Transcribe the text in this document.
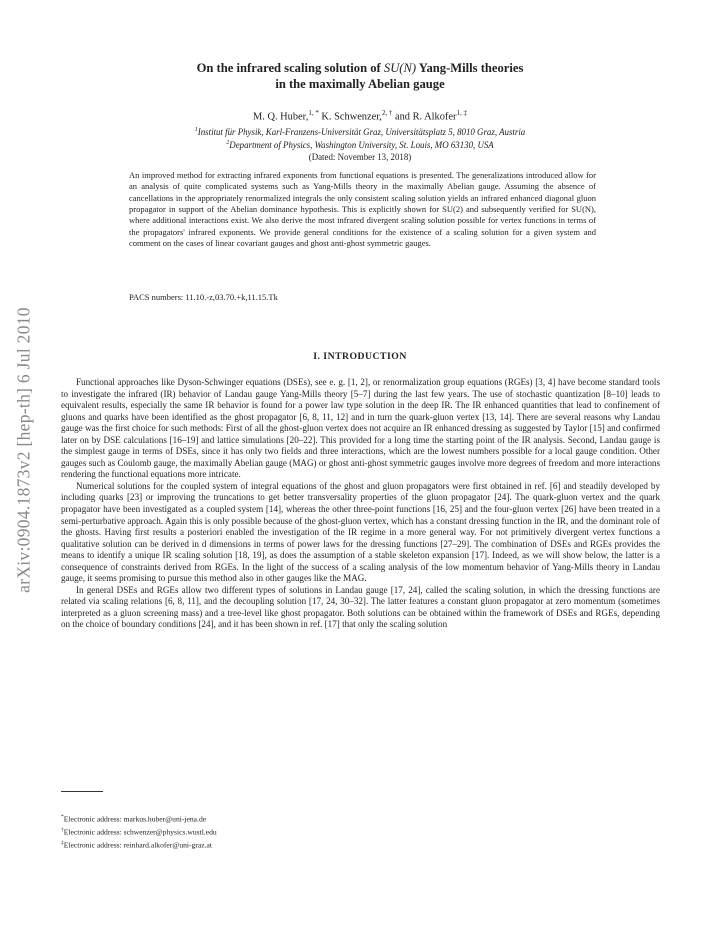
arXiv:0904.1873v2 [hep-th] 6 Jul 2010
On the infrared scaling solution of SU(N) Yang-Mills theories
in the maximally Abelian gauge
M. Q. Huber,$^{1, *}$ K. Schwenzer,$^{2, \dagger}$ and R. Alkofer$^{1, \ddagger}$
$^1$Institut für Physik, Karl-Franzens-Universität Graz, Universitätsplatz 5, 8010 Graz, Austria
$^2$Department of Physics, Washington University, St. Louis, MO 63130, USA
(Dated: November 13, 2018)
An improved method for extracting infrared exponents from functional equations is presented. The generalizations introduced allow for an analysis of quite complicated systems such as Yang-Mills theory in the maximally Abelian gauge. Assuming the absence of cancellations in the appropriately renormalized integrals the only consistent scaling solution yields an infrared enhanced diagonal gluon propagator in support of the Abelian dominance hypothesis. This is explicitly shown for SU(2) and subsequently verified for SU(N), where additional interactions exist. We also derive the most infrared divergent scaling solution possible for vertex functions in terms of the propagators' infrared exponents. We provide general conditions for the existence of a scaling solution for a given system and comment on the cases of linear covariant gauges and ghost anti-ghost symmetric gauges.
PACS numbers: 11.10.-z,03.70.+k,11.15.Tk
I. INTRODUCTION

Functional approaches like Dyson-Schwinger equations (DSEs), see e. g. [1, 2], or renormalization group equations (RGEs) [3, 4] have become standard tools to investigate the infrared (IR) behavior of Landau gauge Yang-Mills theory [5–7] during the last few years. The use of stochastic quantization [8–10] leads to equivalent results, especially the same IR behavior is found for a power law type solution in the deep IR. The IR enhanced quantities that lead to confinement of gluons and quarks have been identified as the ghost propagator [6, 8, 11, 12] and in turn the quark-gluon vertex [13, 14]. There are several reasons why Landau gauge was the first choice for such methods: First of all the ghost-gluon vertex does not acquire an IR enhanced dressing as suggested by Taylor [15] and confirmed later on by DSE calculations [16–19] and lattice simulations [20–22]. This provided for a long time the starting point of the IR analysis. Second, Landau gauge is the simplest gauge in terms of DSEs, since it has only two fields and three interactions, which are the lowest numbers possible for a local gauge condition. Other gauges such as Coulomb gauge, the maximally Abelian gauge (MAG) or ghost anti-ghost symmetric gauges involve more degrees of freedom and more interactions rendering the functional equations more intricate.

Numerical solutions for the coupled system of integral equations of the ghost and gluon propagators were first obtained in ref. [6] and steadily developed by including quarks [23] or improving the truncations to get better transversality properties of the gluon propagator [24]. The quark-gluon vertex and the quark propagator have been investigated as a coupled system [14], whereas the other three-point functions [16, 25] and the four-gluon vertex [26] have been treated in a semi-perturbative approach. Again this is only possible because of the ghost-gluon vertex, which has a constant dressing function in the IR, and the dominant role of the ghosts. Having first results a posteriori enabled the investigation of the IR regime in a more general way. For not primitively divergent vertex functions a qualitative solution can be derived in d dimensions in terms of power laws for the dressing functions [27–29]. The combination of DSEs and RGEs provides the means to identify a unique IR scaling solution [18, 19], as does the assumption of a stable skeleton expansion [17]. Indeed, as we will show below, the latter is a consequence of constraints derived from RGEs. In the light of the success of a scaling analysis of the low momentum behavior of Yang-Mills theory in Landau gauge, it seems promising to pursue this method also in other gauges like the MAG.

In general DSEs and RGEs allow two different types of solutions in Landau gauge [17, 24], called the scaling solution, in which the dressing functions are related via scaling relations [6, 8, 11], and the decoupling solution [17, 24, 30–32]. The latter features a constant gluon propagator at zero momentum (sometimes interpreted as a gluon screening mass) and a tree-level like ghost propagator. Both solutions can be obtained within the framework of DSEs and RGEs, depending on the choice of boundary conditions [24], and it has been shown in ref. [17] that only the scaling solution

*Electronic address: markus.huber@uni-jena.de
†Electronic address: schwenzer@physics.wustl.edu
‡Electronic address: reinhard.alkofer@uni-graz.at
